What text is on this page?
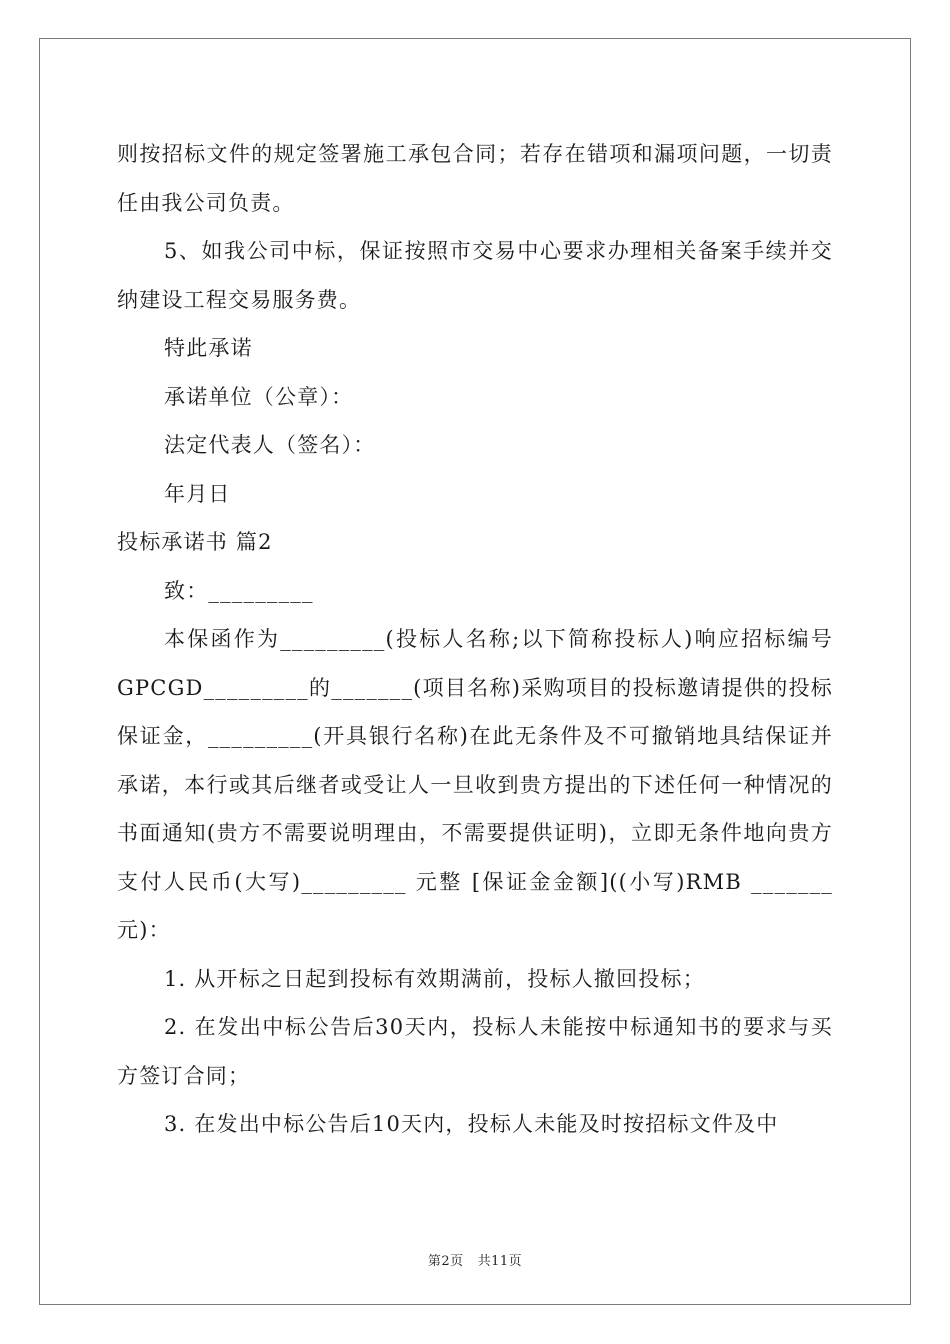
则按招标文件的规定签署施工承包合同；若存在错项和漏项问题，一切责任由我公司负责。

5、如我公司中标，保证按照市交易中心要求办理相关备案手续并交纳建设工程交易服务费。

特此承诺

承诺单位（公章）：

法定代表人（签名）：

年月日

投标承诺书 篇2

致：_________

本保函作为_________(投标人名称;以下简称投标人)响应招标编号GPCGD_________的_______(项目名称)采购项目的投标邀请提供的投标保证金，_________(开具银行名称)在此无条件及不可撤销地具结保证并承诺，本行或其后继者或受让人一旦收到贵方提出的下述任何一种情况的书面通知(贵方不需要说明理由，不需要提供证明)，立即无条件地向贵方支付人民币(大写)_________ 元整 [保证金金额]((小写)RMB _______元)：

1. 从开标之日起到投标有效期满前，投标人撤回投标；

2. 在发出中标公告后30天内，投标人未能按中标通知书的要求与买方签订合同；

3. 在发出中标公告后10天内，投标人未能及时按招标文件及中

第2页 共11页
